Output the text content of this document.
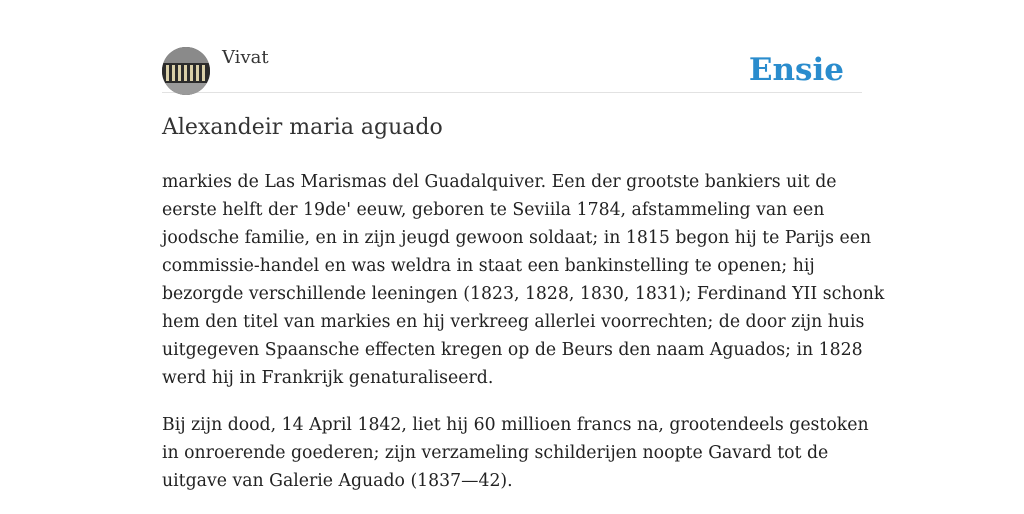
Vivat	Ensie
Alexandeir maria aguado

markies de Las Marismas del Guadalquiver. Een der grootste bankiers uit de
eerste helft der 19de' eeuw, geboren te Seviila 1784, afstammeling van een
joodsche familie, en in zijn jeugd gewoon soldaat; in 1815 begon hij te Parijs een
commissie-handel en was weldra in staat een bankinstelling te openen; hij
bezorgde verschillende leeningen (1823, 1828, 1830, 1831); Ferdinand YII schonk
hem den titel van markies en hij verkreeg allerlei voorrechten; de door zijn huis
uitgegeven Spaansche effecten kregen op de Beurs den naam Aguados; in 1828
werd hij in Frankrijk genaturaliseerd.

Bij zijn dood, 14 April 1842, liet hij 60 millioen francs na, grootendeels gestoken
in onroerende goederen; zijn verzameling schilderijen noopte Gavard tot de
uitgave van Galerie Aguado (1837—42).
